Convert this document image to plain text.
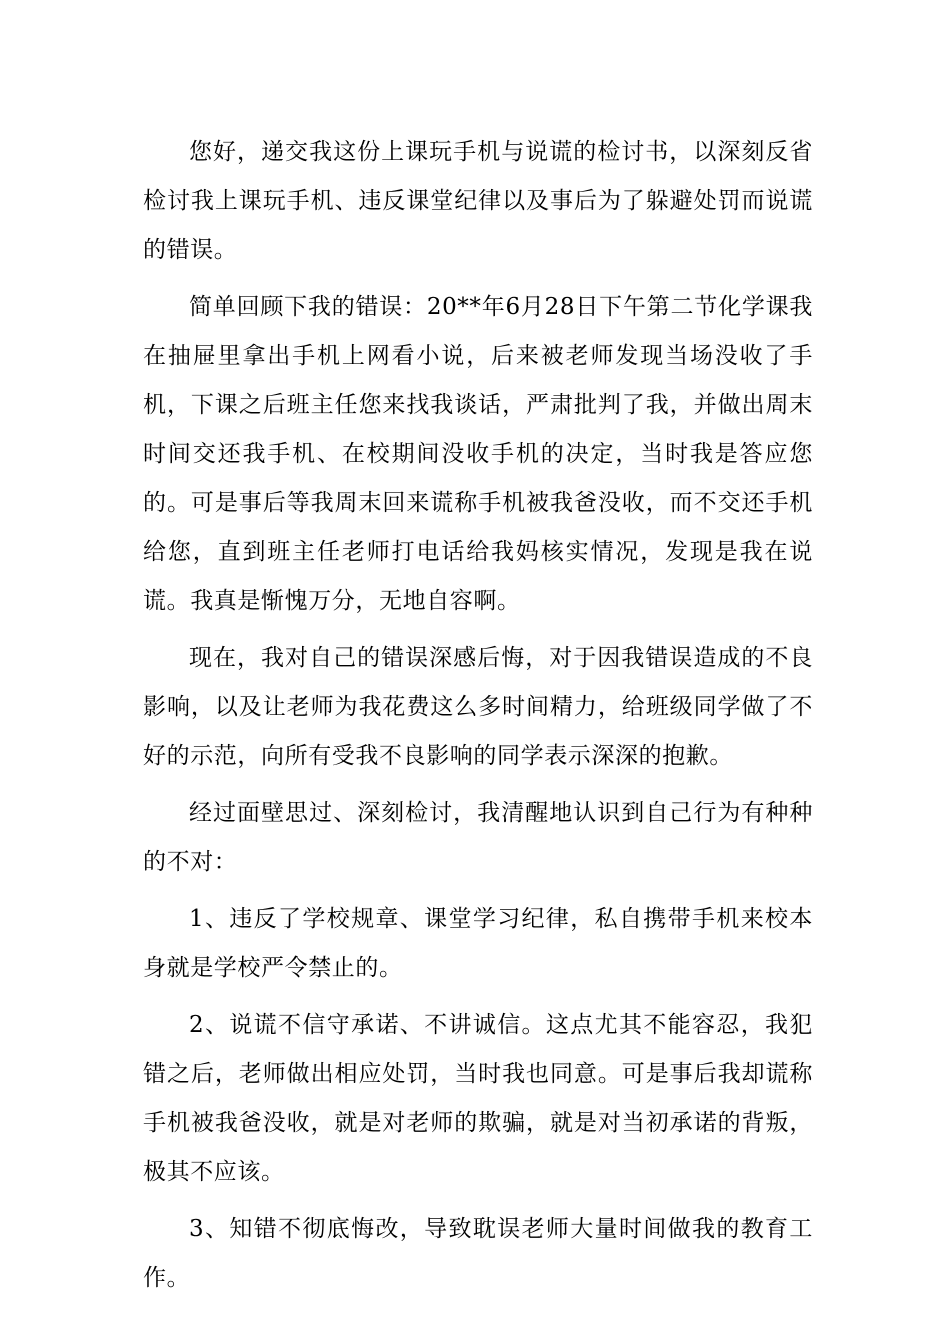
您好，递交我这份上课玩手机与说谎的检讨书，以深刻反省检讨我上课玩手机、违反课堂纪律以及事后为了躲避处罚而说谎的错误。

简单回顾下我的错误：20**年6月28日下午第二节化学课我在抽屉里拿出手机上网看小说，后来被老师发现当场没收了手机，下课之后班主任您来找我谈话，严肃批判了我，并做出周末时间交还我手机、在校期间没收手机的决定，当时我是答应您的。可是事后等我周末回来谎称手机被我爸没收，而不交还手机给您，直到班主任老师打电话给我妈核实情况，发现是我在说谎。我真是惭愧万分，无地自容啊。

现在，我对自己的错误深感后悔，对于因我错误造成的不良影响，以及让老师为我花费这么多时间精力，给班级同学做了不好的示范，向所有受我不良影响的同学表示深深的抱歉。

经过面壁思过、深刻检讨，我清醒地认识到自己行为有种种的不对：

1、违反了学校规章、课堂学习纪律，私自携带手机来校本身就是学校严令禁止的。

2、说谎不信守承诺、不讲诚信。这点尤其不能容忍，我犯错之后，老师做出相应处罚，当时我也同意。可是事后我却谎称手机被我爸没收，就是对老师的欺骗，就是对当初承诺的背叛，极其不应该。

3、知错不彻底悔改，导致耽误老师大量时间做我的教育工作。
